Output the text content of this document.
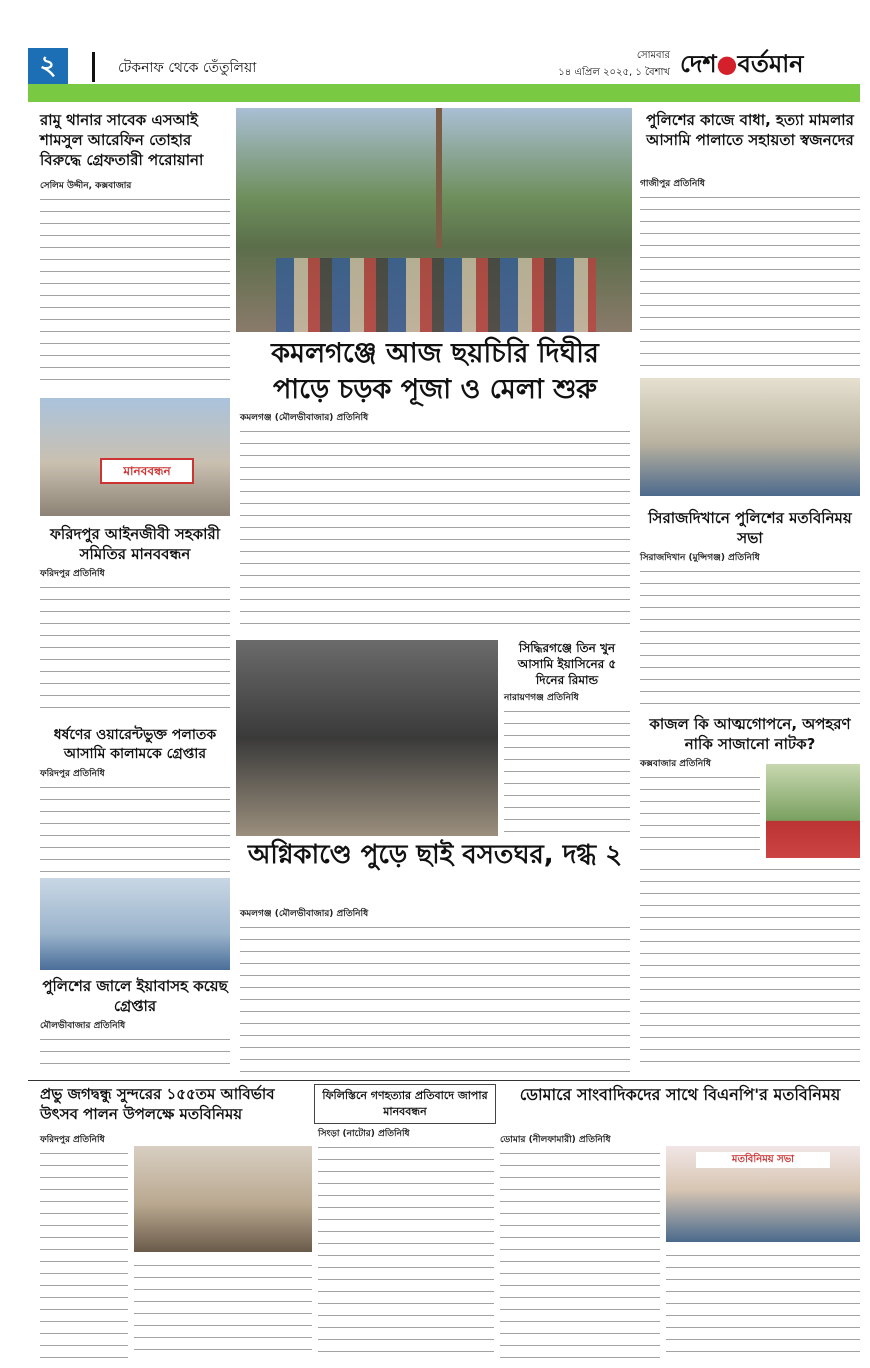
২	টেকনাফ থেকে তেঁতুলিয়া
সোমবার
১৪ এপ্রিল ২০২৫, ১ বৈশাখ দেশ●বর্তমান
রামু থানার সাবেক এসআই শামসুল আরেফিন তোহার বিরুদ্ধে গ্রেফতারী পরোয়ানা
সেলিম উদ্দীন, কক্সবাজার
মানববন্ধন
ফরিদপুর আইনজীবী সহকারী সমিতির মানববন্ধন
ফরিদপুর প্রতিনিধি
ধর্ষণের ওয়ারেন্টভুক্ত পলাতক আসামি কালামকে গ্রেপ্তার
ফরিদপুর প্রতিনিধি
পুলিশের জালে ইয়াবাসহ কয়েছ গ্রেপ্তার
মৌলভীবাজার প্রতিনিধি
কমলগঞ্জে আজ ছয়চিরি দিঘীর পাড়ে চড়ক পূজা ও মেলা শুরু
কমলগঞ্জ (মৌলভীবাজার) প্রতিনিধি
অগ্নিকাণ্ডে পুড়ে ছাই বসতঘর, দগ্ধ ২
কমলগঞ্জ (মৌলভীবাজার) প্রতিনিধি
সিদ্ধিরগঞ্জে তিন খুন আসামি ইয়াসিনের ৫ দিনের রিমান্ড
নারায়ণগঞ্জ প্রতিনিধি
পুলিশের কাজে বাধা, হত্যা মামলার আসামি পালাতে সহায়তা স্বজনদের
গাজীপুর প্রতিনিধি
সিরাজদিখানে পুলিশের মতবিনিময় সভা
সিরাজদিখান (মুন্সিগঞ্জ) প্রতিনিধি
কাজল কি আত্মগোপনে, অপহরণ নাকি সাজানো নাটক?
কক্সবাজার প্রতিনিধি
প্রভু জগদ্বন্ধু সুন্দরের ১৫৫তম আবির্ভাব উৎসব পালন উপলক্ষে মতবিনিময়
ফরিদপুর প্রতিনিধি
ফিলিস্তিনে গণহত্যার প্রতিবাদে জাপার মানববন্ধন
সিংড়া (নাটোর) প্রতিনিধি
ডোমারে সাংবাদিকদের সাথে বিএনপি'র মতবিনিময়
ডোমার (নীলফামারী) প্রতিনিধি
মতবিনিময় সভা
